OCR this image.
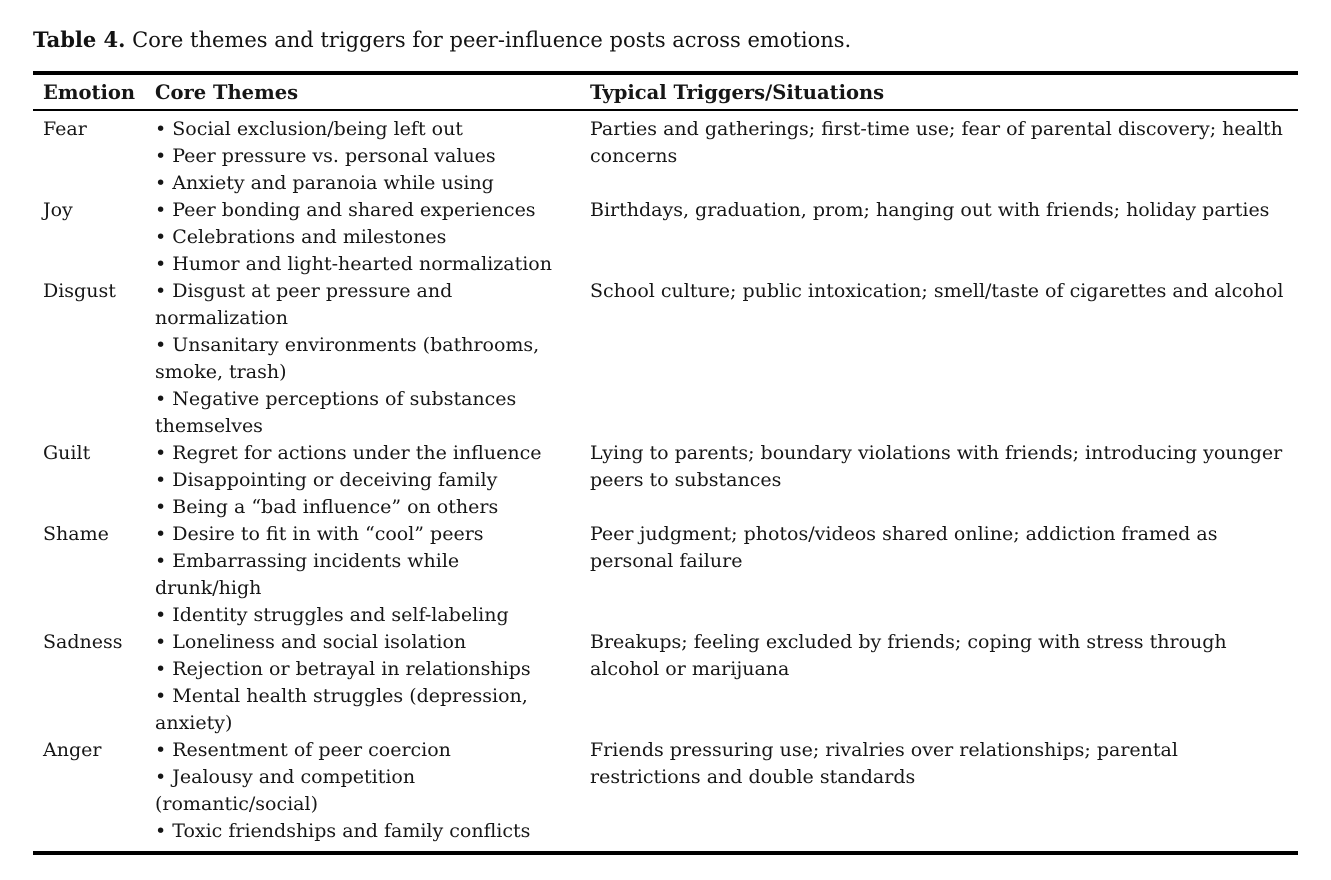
Table 4. Core themes and triggers for peer-influence posts across emotions.
Emotion	Core Themes	Typical Triggers/Situations
Fear	• Social exclusion/being left out
• Peer pressure vs. personal values
• Anxiety and paranoia while using	Parties and gatherings; first-time use; fear of parental discovery; health concerns
Joy	• Peer bonding and shared experiences
• Celebrations and milestones
• Humor and light-hearted normalization	Birthdays, graduation, prom; hanging out with friends; holiday parties
Disgust	• Disgust at peer pressure and normalization
• Unsanitary environments (bathrooms, smoke, trash)
• Negative perceptions of substances themselves	School culture; public intoxication; smell/taste of cigarettes and alcohol
Guilt	• Regret for actions under the influence
• Disappointing or deceiving family
• Being a “bad influence” on others	Lying to parents; boundary violations with friends; introducing younger peers to substances
Shame	• Desire to fit in with “cool” peers
• Embarrassing incidents while drunk/high
• Identity struggles and self-labeling	Peer judgment; photos/videos shared online; addiction framed as personal failure
Sadness	• Loneliness and social isolation
• Rejection or betrayal in relationships
• Mental health struggles (depression, anxiety)	Breakups; feeling excluded by friends; coping with stress through alcohol or marijuana
Anger	• Resentment of peer coercion
• Jealousy and competition (romantic/social)
• Toxic friendships and family conflicts	Friends pressuring use; rivalries over relationships; parental restrictions and double standards
